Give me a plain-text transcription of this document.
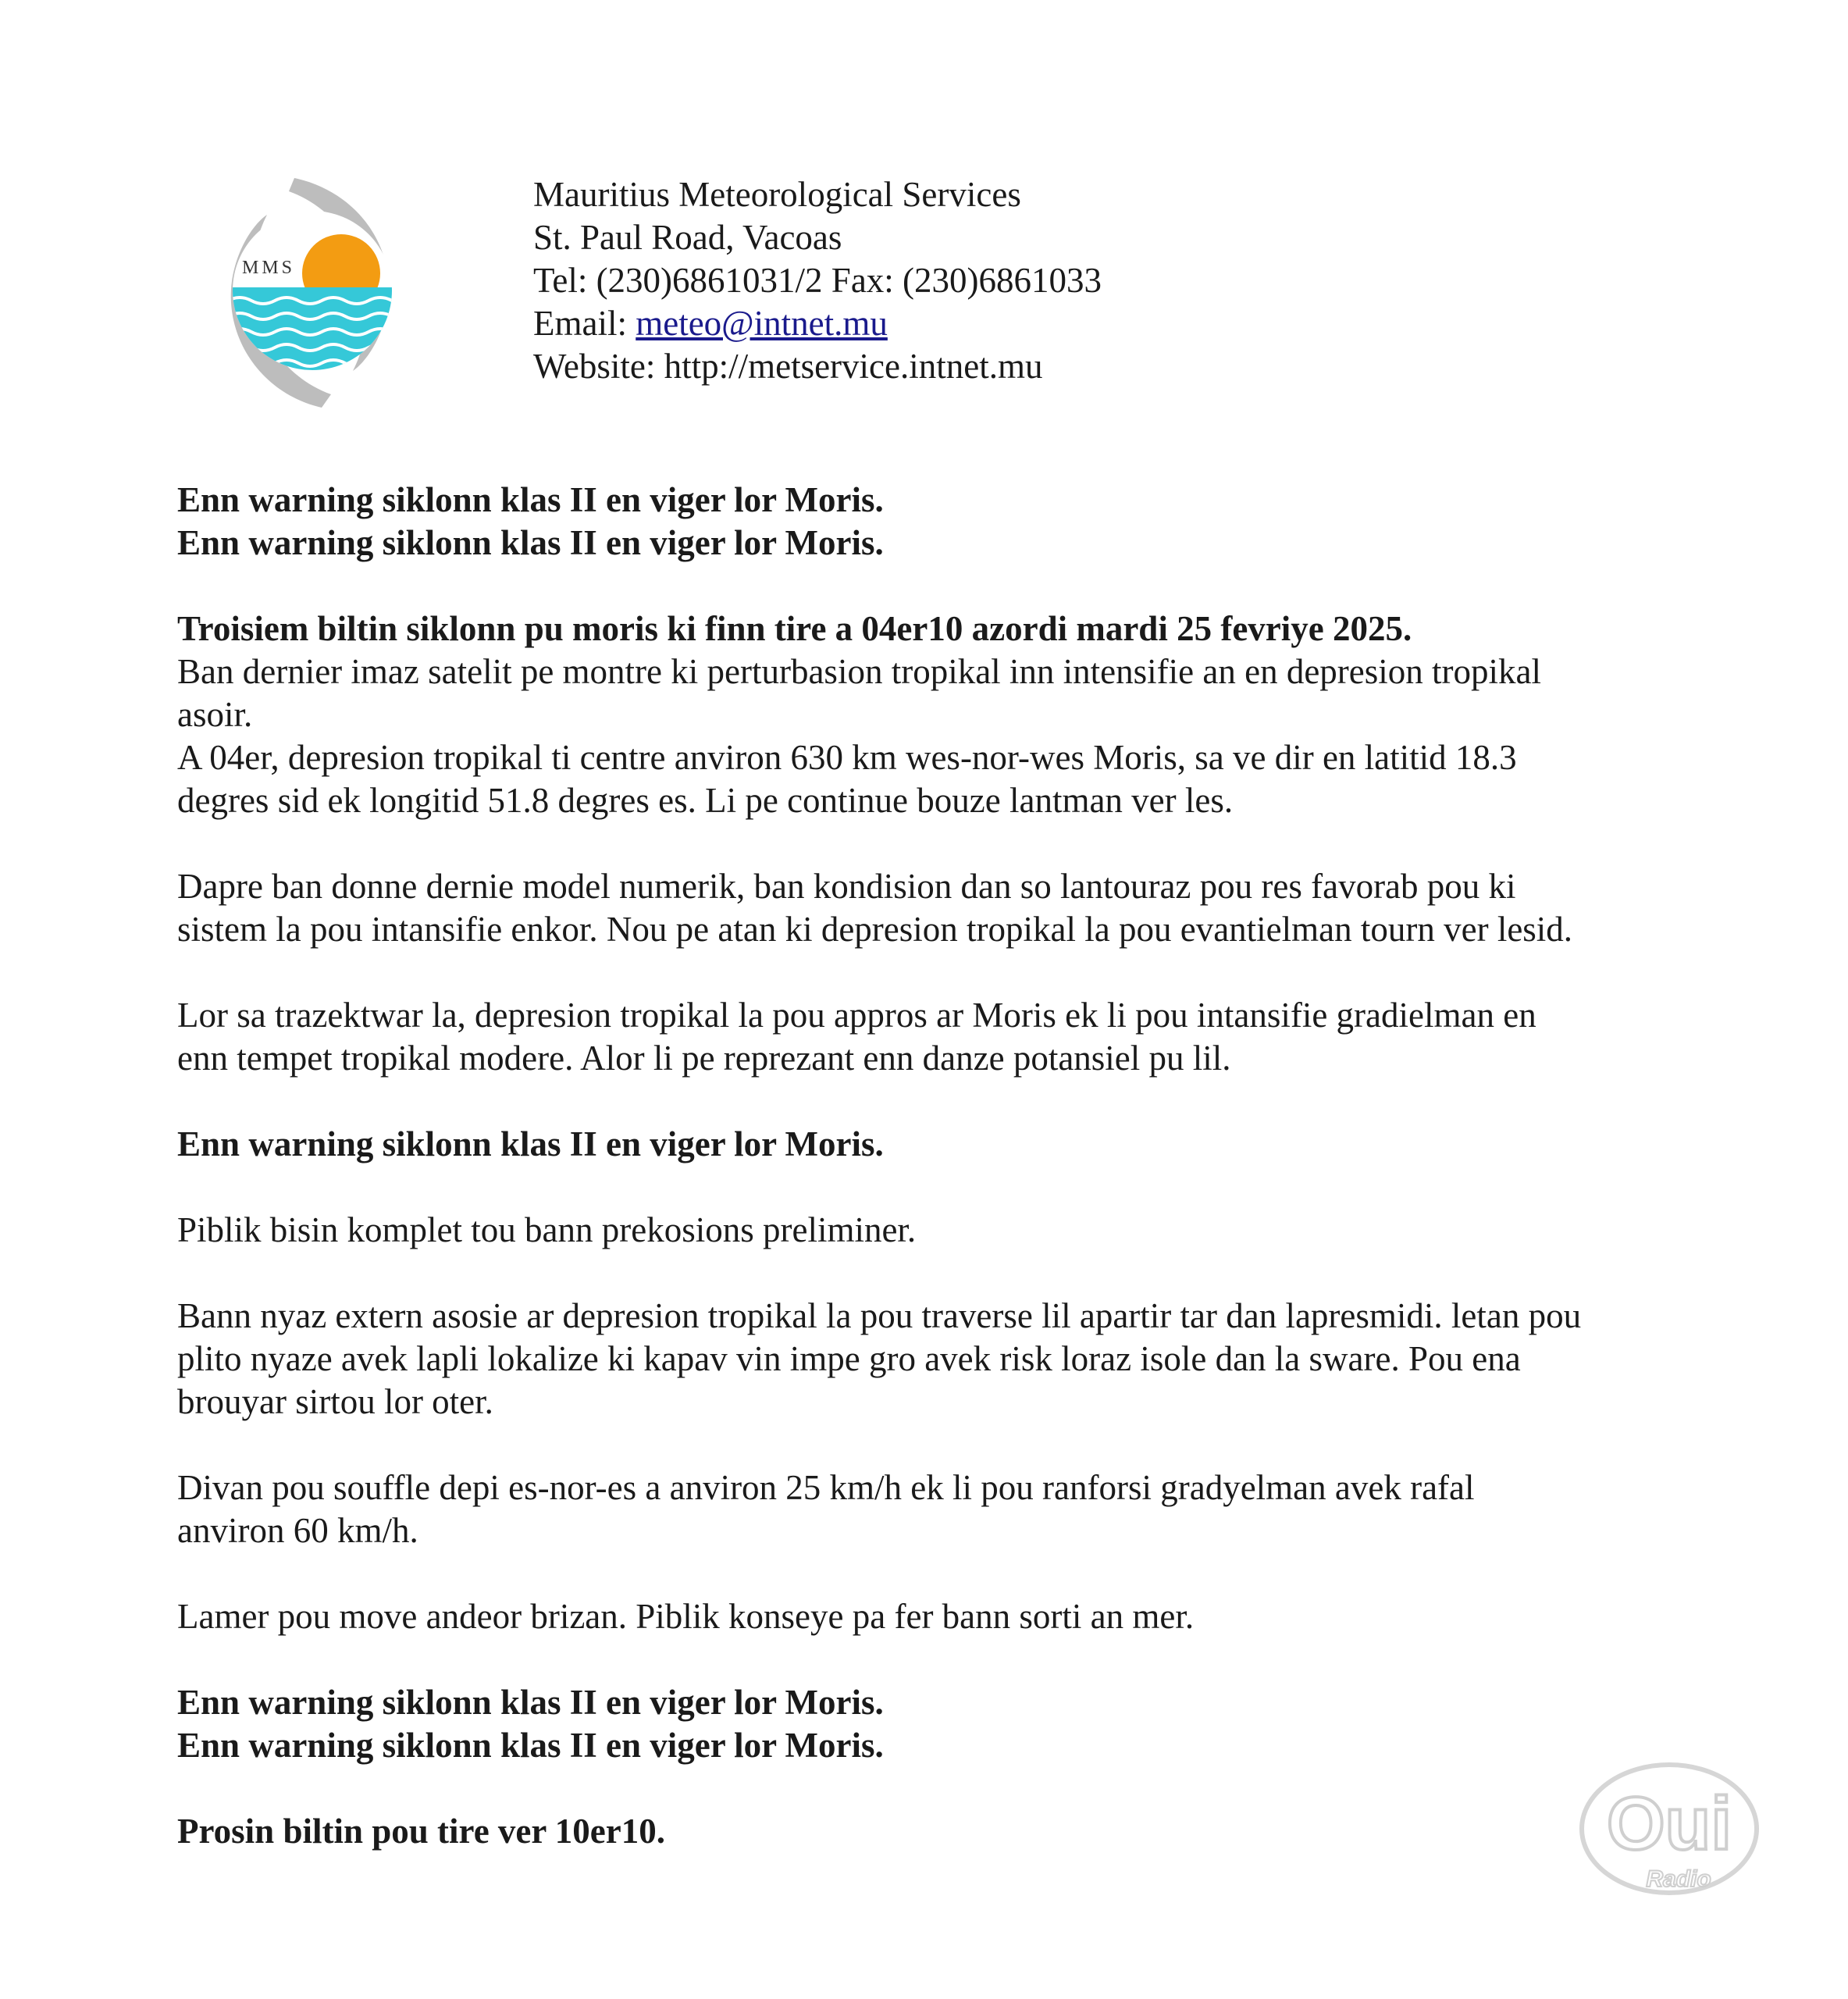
MMS
Mauritius Meteorological Services
St. Paul Road, Vacoas
Tel: (230)6861031/2 Fax: (230)6861033
Email: meteo@intnet.mu
Website: http://metservice.intnet.mu

Enn warning siklonn klas II en viger lor Moris.

Enn warning siklonn klas II en viger lor Moris.

Troisiem biltin siklonn pu moris ki finn tire a 04er10 azordi mardi 25 fevriye 2025.

Ban dernier imaz satelit pe montre ki perturbasion tropikal inn intensifie an en depresion tropikal

asoir.

A 04er, depresion tropikal ti centre anviron 630 km wes-nor-wes Moris, sa ve dir en latitid 18.3

degres sid ek longitid 51.8 degres es. Li pe continue bouze lantman ver les.

Dapre ban donne dernie model numerik, ban kondision dan so lantouraz pou res favorab pou ki

sistem la pou intansifie enkor. Nou pe atan ki depresion tropikal la pou evantielman tourn ver lesid.

Lor sa trazektwar la, depresion tropikal la pou appros ar Moris ek li pou intansifie gradielman en

enn tempet tropikal modere. Alor li pe reprezant enn danze potansiel pu lil.

Enn warning siklonn klas II en viger lor Moris.

Piblik bisin komplet tou bann prekosions preliminer.

Bann nyaz extern asosie ar depresion tropikal la pou traverse lil apartir tar dan lapresmidi. letan pou

plito nyaze avek lapli lokalize ki kapav vin impe gro avek risk loraz isole dan la sware. Pou ena

brouyar sirtou lor oter.

Divan pou souffle depi es-nor-es a anviron 25 km/h ek li pou ranforsi gradyelman avek rafal

anviron 60 km/h.

Lamer pou move andeor brizan. Piblik konseye pa fer bann sorti an mer.

Enn warning siklonn klas II en viger lor Moris.

Enn warning siklonn klas II en viger lor Moris.

Prosin biltin pou tire ver 10er10.	Oui
Radio
